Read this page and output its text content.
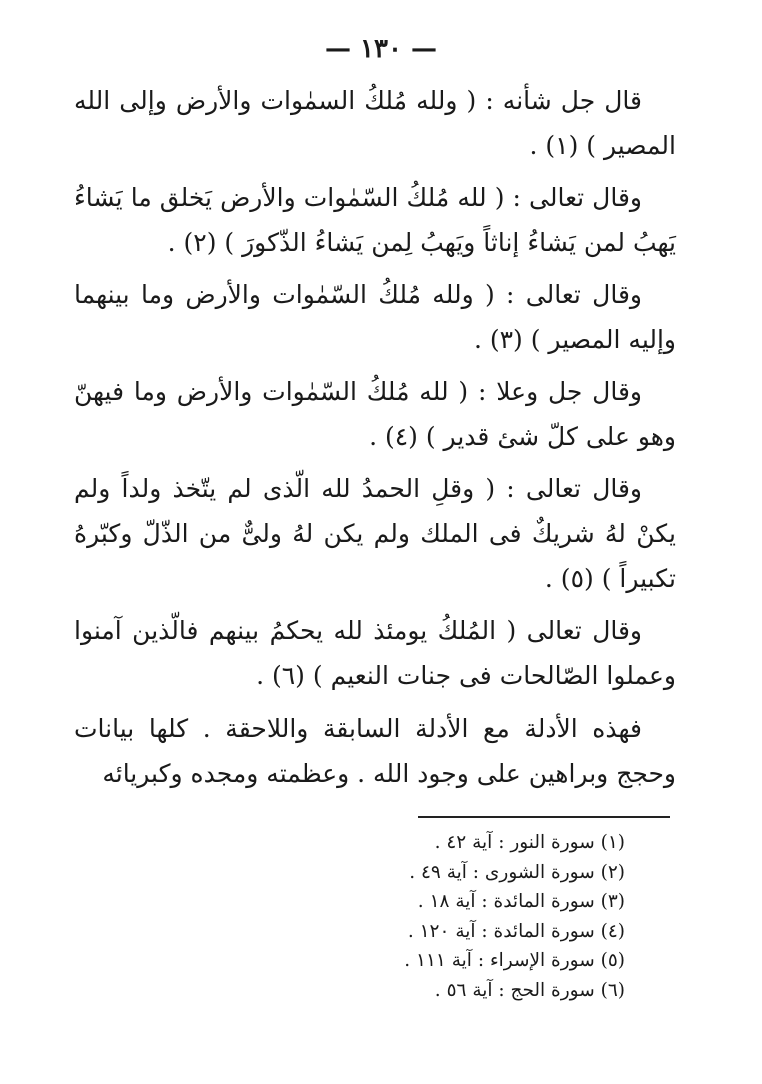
— ١٣٠ —

قال جل شأنه : ( ولله مُلكُ السمٰوات والأرض وإلى الله المصير ) (١) .

وقال تعالى : ( لله مُلكُ السّمٰوات والأرض يَخلق ما يَشاءُ يَهبُ لمن يَشاءُ إناثاً ويَهبُ لِمن يَشاءُ الذّكورَ ) (٢) .

وقال تعالى : ( ولله مُلكُ السّمٰوات والأرض وما بينهما وإليه المصير ) (٣) .

وقال جل وعلا : ( لله مُلكُ السّمٰوات والأرض وما فيهنّ وهو على كلّ شئ قدير ) (٤) .

وقال تعالى : ( وقلِ الحمدُ لله الّذى لم يتّخذ ولداً ولم يكنْ لهُ شريكٌ فى الملك ولم يكن لهُ ولىٌّ من الذّلّ وكبّرهُ تكبيراً ) (٥) .

وقال تعالى ( المُلكُ يومئذ لله يحكمُ بينهم فالّذين آمنوا وعملوا الصّالحات فى جنات النعيم ) (٦) .

فهذه الأدلة مع الأدلة السابقة واللاحقة . كلها بيانات وحجج وبراهين على وجود الله . وعظمته ومجده وكبريائه

(١) سورة النور : آية ٤٢ .
(٢) سورة الشورى : آية ٤٩ .
(٣) سورة المائدة : آية ١٨ .
(٤) سورة المائدة : آية ١٢٠ .
(٥) سورة الإسراء : آية ١١١ .
(٦) سورة الحج : آية ٥٦ .
